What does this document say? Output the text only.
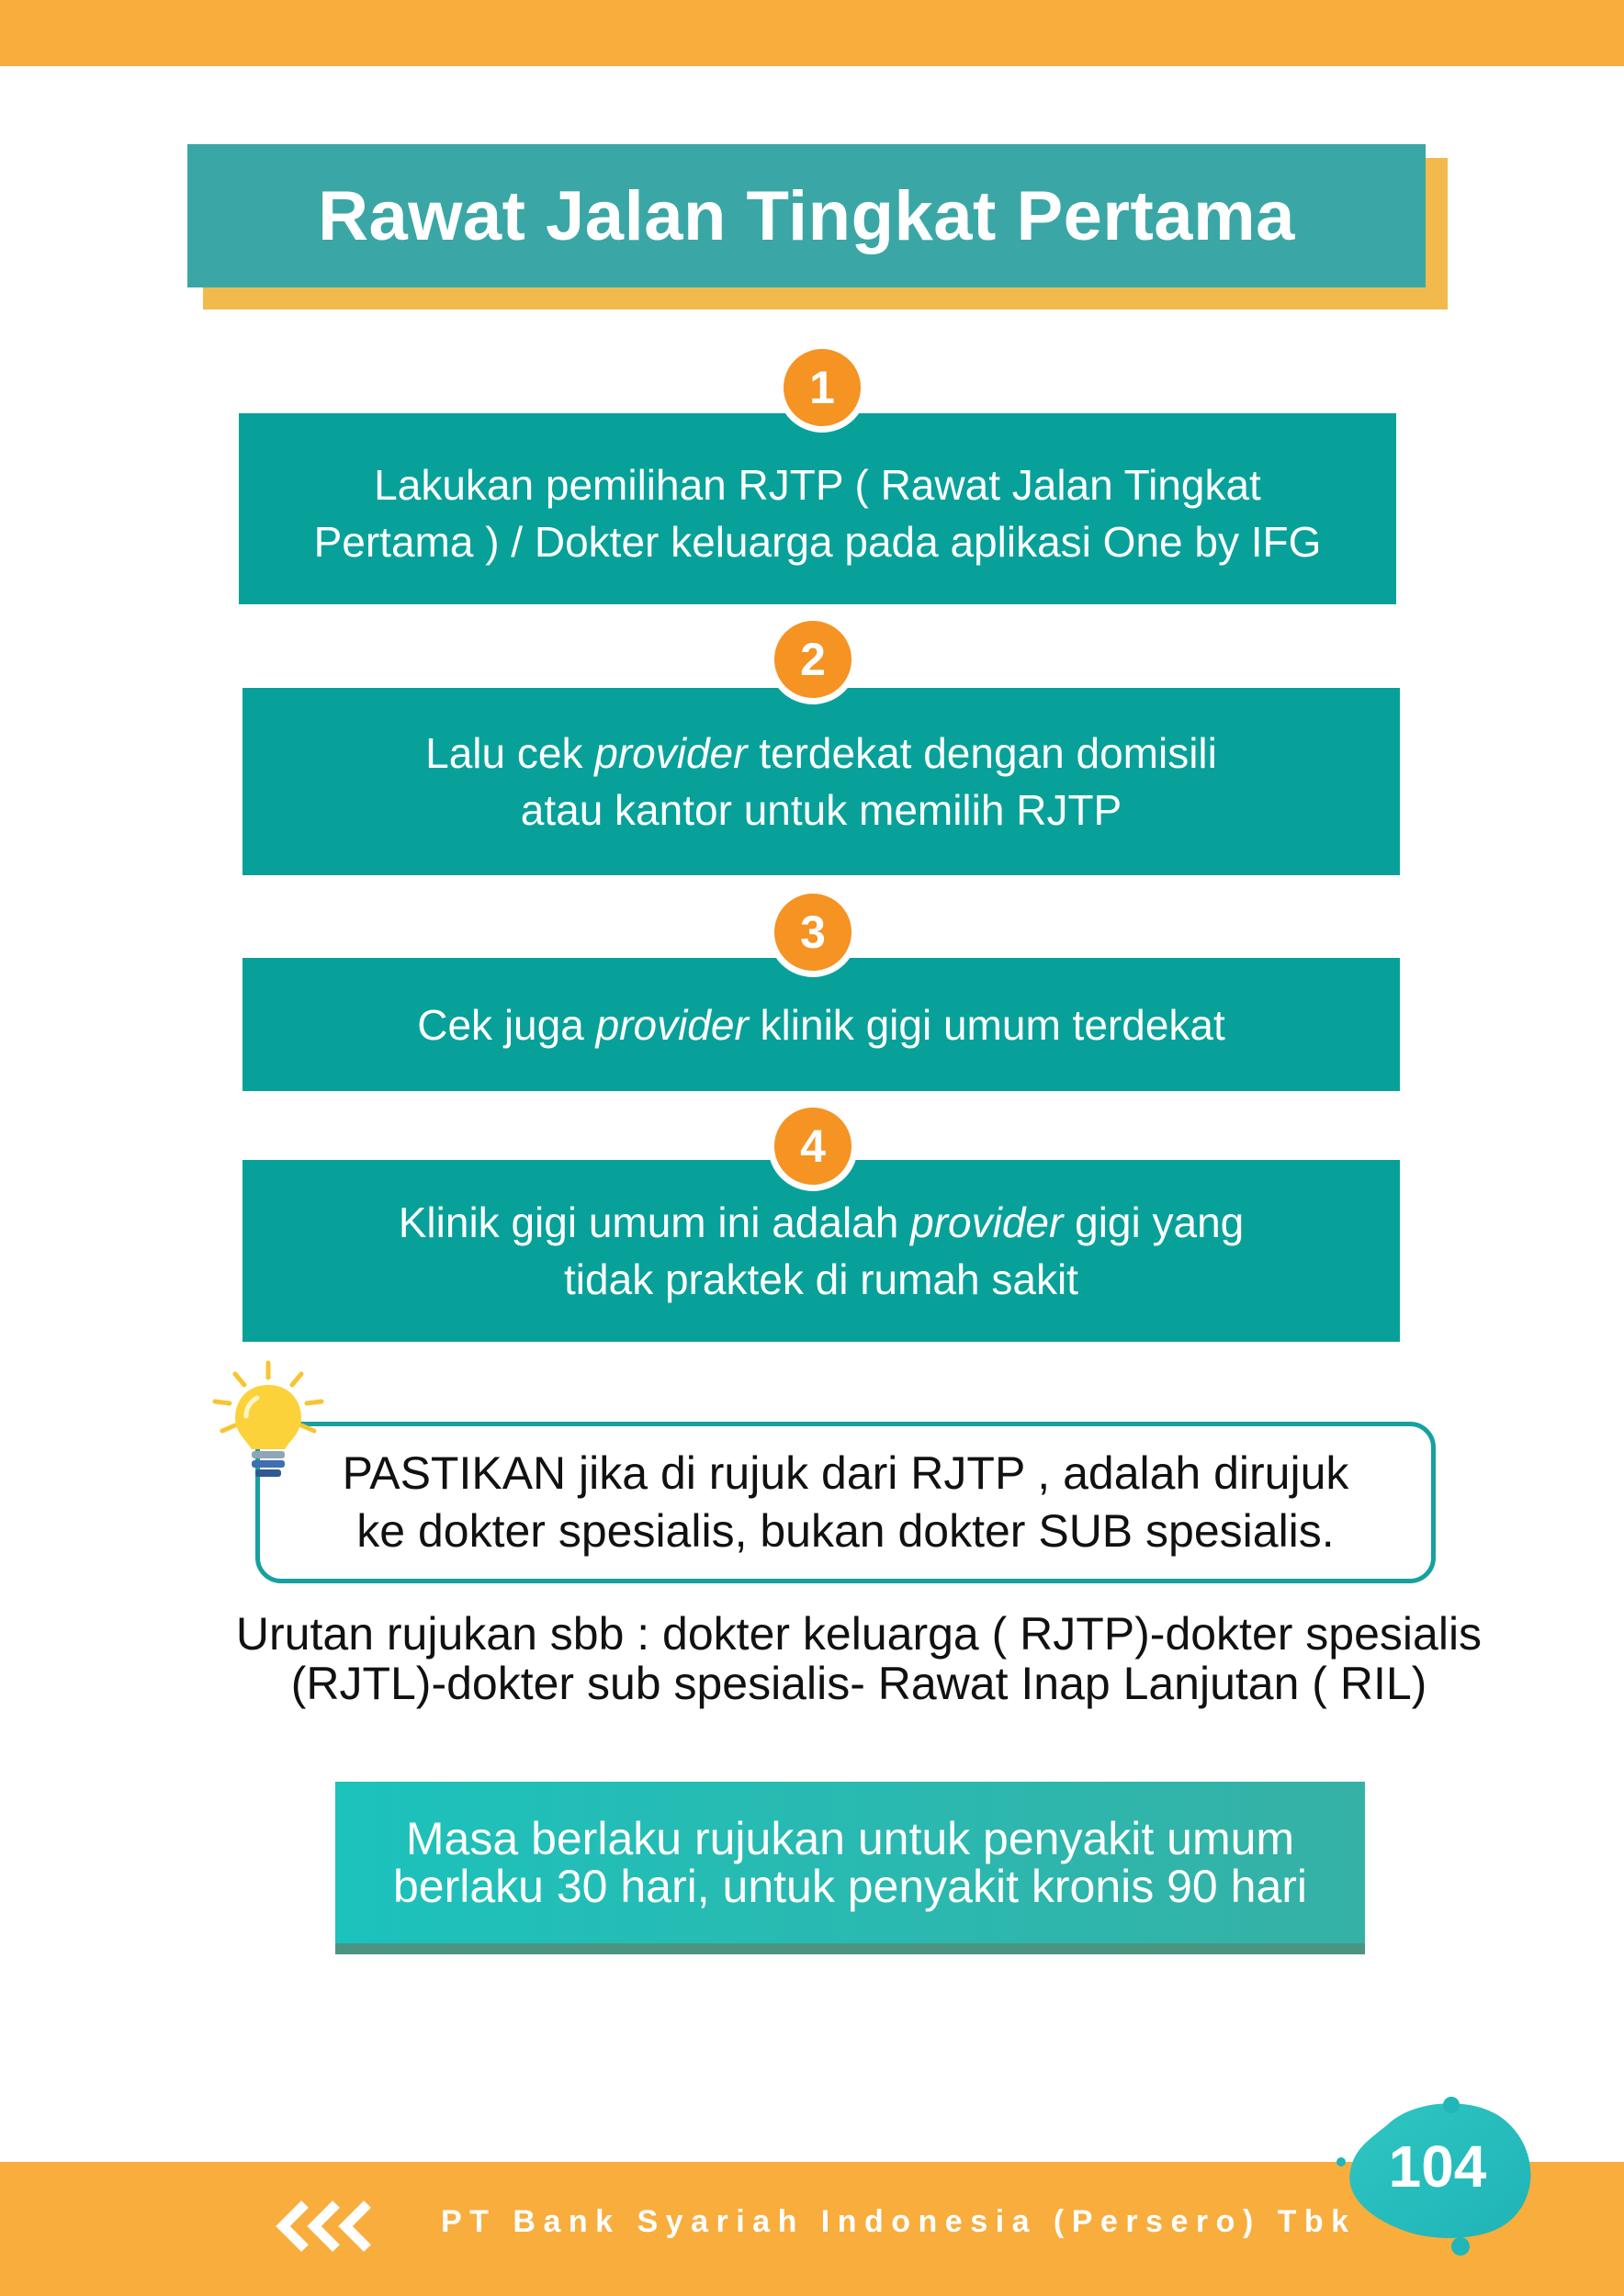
Rawat Jalan Tingkat Pertama
1
Lakukan pemilihan RJTP ( Rawat Jalan Tingkat
Pertama ) / Dokter keluarga pada aplikasi One by IFG
2
Lalu cek provider terdekat dengan domisili
atau kantor untuk memilih RJTP
3
Cek juga provider klinik gigi umum terdekat
4
Klinik gigi umum ini adalah provider gigi yang
tidak praktek di rumah sakit
PASTIKAN jika di rujuk dari RJTP , adalah dirujuk
ke dokter spesialis, bukan dokter SUB spesialis.
Urutan rujukan sbb : dokter keluarga ( RJTP)-dokter spesialis
(RJTL)-dokter sub spesialis- Rawat Inap Lanjutan ( RIL)
Masa berlaku rujukan untuk penyakit umum
berlaku 30 hari, untuk penyakit kronis 90 hari
PT Bank Syariah Indonesia (Persero) Tbk
104
